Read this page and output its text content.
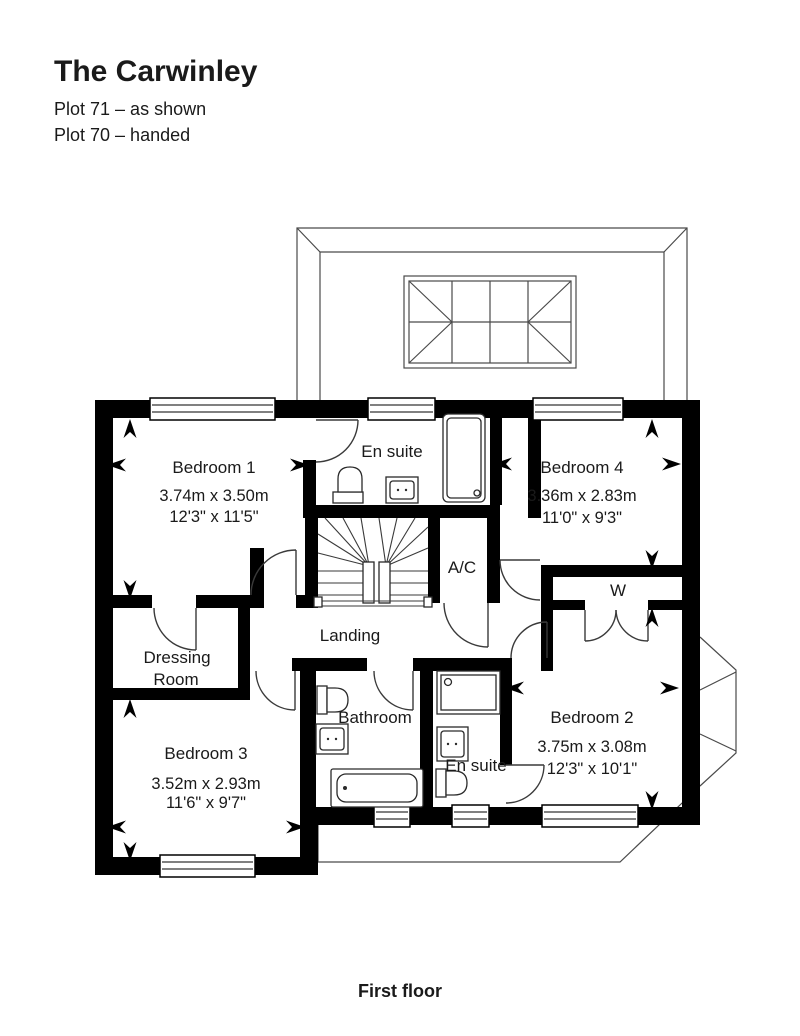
The Carwinley
Plot 71 – as shown
Plot 70 – handed
Bedroom 1
3.74m x 3.50m
12'3" x 11'5"
En suite
Bedroom 4
3.36m x 2.83m
11'0" x 9'3"
A/C
W
Landing
Dressing
Room
Bathroom
Bedroom 3
3.52m x 2.93m
11'6" x 9'7"
En suite
Bedroom 2
3.75m x 3.08m
12'3" x 10'1"
First floor
